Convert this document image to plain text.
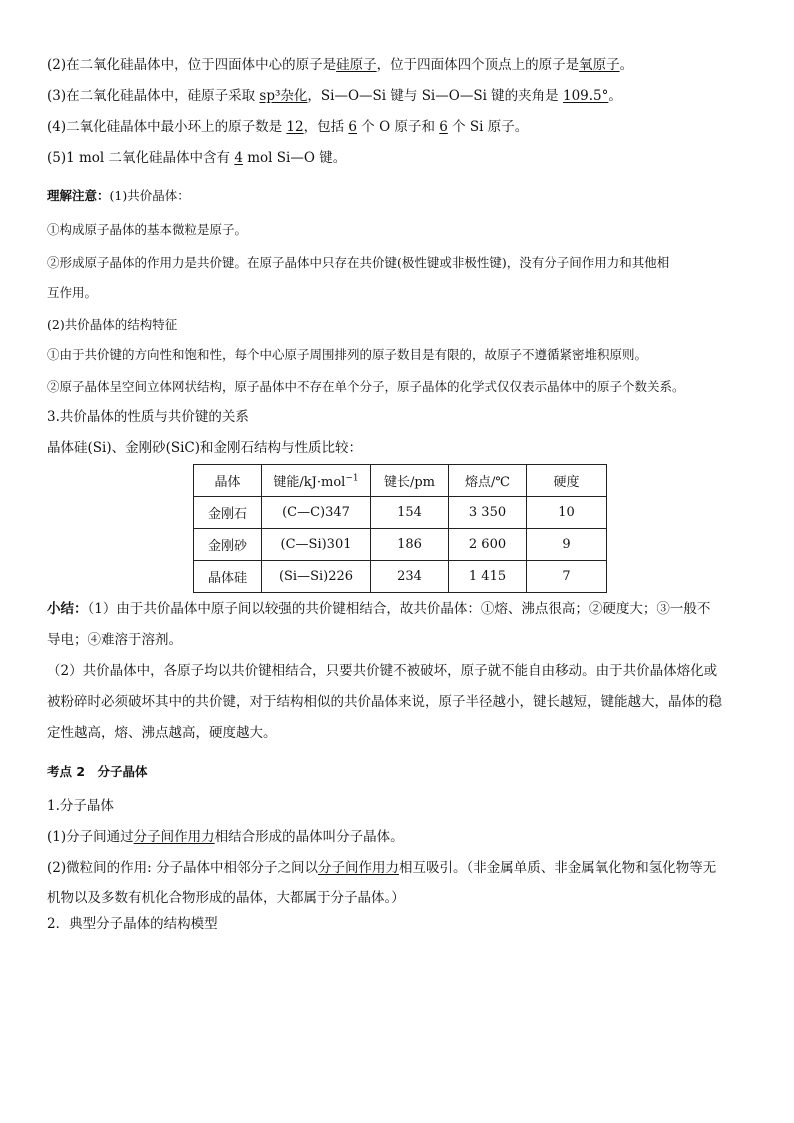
(2)在二氧化硅晶体中，位于四面体中心的原子是硅原子，位于四面体四个顶点上的原子是氧原子。
(3)在二氧化硅晶体中，硅原子采取 sp³杂化，Si—O—Si 键与 Si—O—Si 键的夹角是 109.5°。
(4)二氧化硅晶体中最小环上的原子数是 12，包括 6 个 O 原子和 6 个 Si 原子。
(5)1 mol 二氧化硅晶体中含有 4 mol Si—O 键。
理解注意：(1)共价晶体：
①构成原子晶体的基本微粒是原子。
②形成原子晶体的作用力是共价键。在原子晶体中只存在共价键(极性键或非极性键)，没有分子间作用力和其他相
互作用。
(2)共价晶体的结构特征
①由于共价键的方向性和饱和性，每个中心原子周围排列的原子数目是有限的，故原子不遵循紧密堆积原则。
②原子晶体呈空间立体网状结构，原子晶体中不存在单个分子，原子晶体的化学式仅仅表示晶体中的原子个数关系。
3.共价晶体的性质与共价键的关系
晶体硅(Si)、金刚砂(SiC)和金刚石结构与性质比较：
晶体	键能/kJ·mol$^{-1}$	键长/pm	熔点/℃	硬度
金刚石	(C—C)347	154	3 350	10
金刚砂	(C—Si)301	186	2 600	9
晶体硅	(Si—Si)226	234	1 415	7
小结：（1）由于共价晶体中原子间以较强的共价键相结合，故共价晶体：①熔、沸点很高；②硬度大；③一般不
导电；④难溶于溶剂。
（2）共价晶体中，各原子均以共价键相结合，只要共价键不被破坏，原子就不能自由移动。由于共价晶体熔化或
被粉碎时必须破坏其中的共价键，对于结构相似的共价晶体来说，原子半径越小，键长越短，键能越大，晶体的稳
定性越高，熔、沸点越高，硬度越大。
考点 2　分子晶体
1.分子晶体
(1)分子间通过分子间作用力相结合形成的晶体叫分子晶体。
(2)微粒间的作用: 分子晶体中相邻分子之间以分子间作用力相互吸引。（非金属单质、非金属氧化物和氢化物等无
机物以及多数有机化合物形成的晶体，大都属于分子晶体。）
2．典型分子晶体的结构模型
